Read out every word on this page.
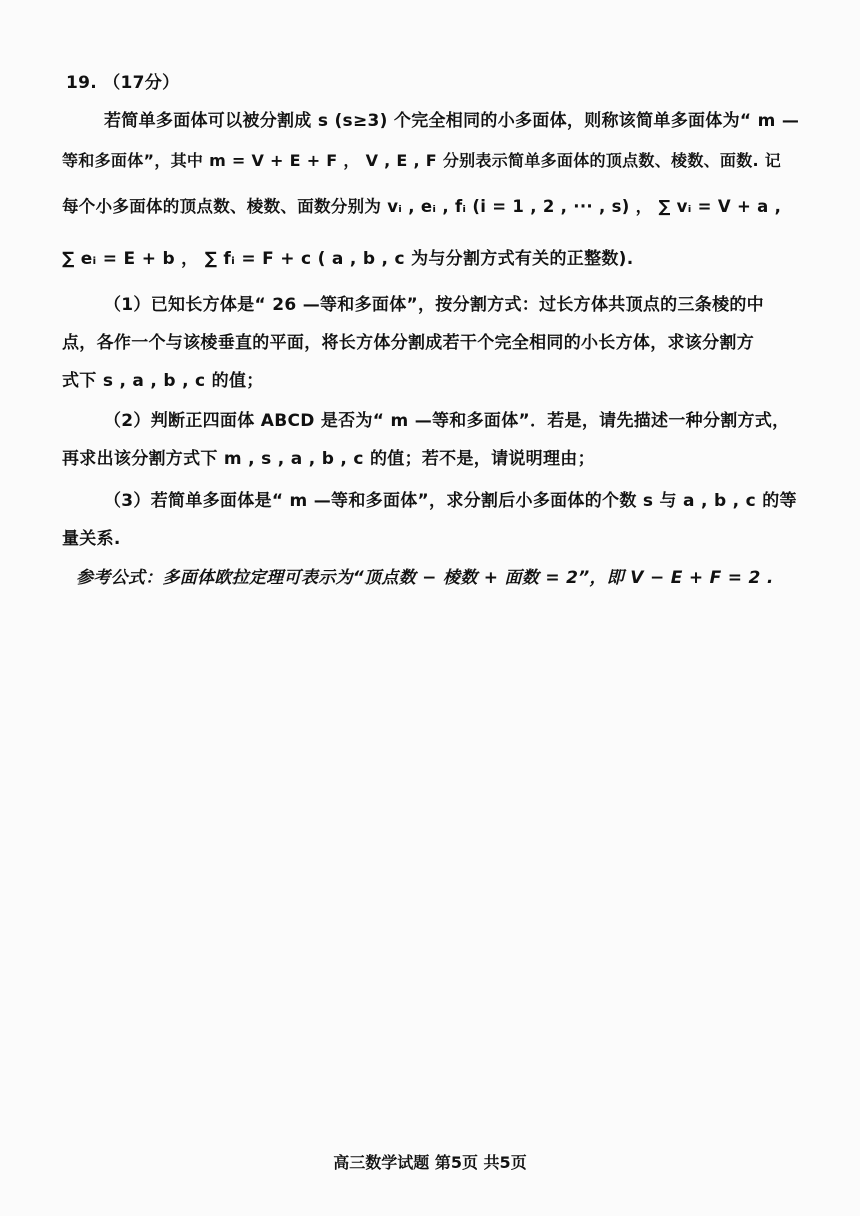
19. （17分）
若简单多面体可以被分割成 s (s≥3) 个完全相同的小多面体，则称该简单多面体为“ m —
等和多面体”，其中 m = V + E + F ， V , E , F 分别表示简单多面体的顶点数、棱数、面数. 记
每个小多面体的顶点数、棱数、面数分别为 vᵢ , eᵢ , fᵢ (i = 1 , 2 , ··· , s) ， ∑ vᵢ = V + a ,
∑ eᵢ = E + b ， ∑ fᵢ = F + c ( a , b , c 为与分割方式有关的正整数).
（1）已知长方体是“ 26 —等和多面体”，按分割方式：过长方体共顶点的三条棱的中
点，各作一个与该棱垂直的平面，将长方体分割成若干个完全相同的小长方体，求该分割方
式下 s , a , b , c 的值；
（2）判断正四面体 ABCD 是否为“ m —等和多面体”．若是，请先描述一种分割方式，
再求出该分割方式下 m , s , a , b , c 的值；若不是，请说明理由；
（3）若简单多面体是“ m —等和多面体”，求分割后小多面体的个数 s 与 a , b , c 的等
量关系.
参考公式：多面体欧拉定理可表示为“顶点数 − 棱数 + 面数 = 2”，即 V − E + F = 2 .
高三数学试题 第5页 共5页
